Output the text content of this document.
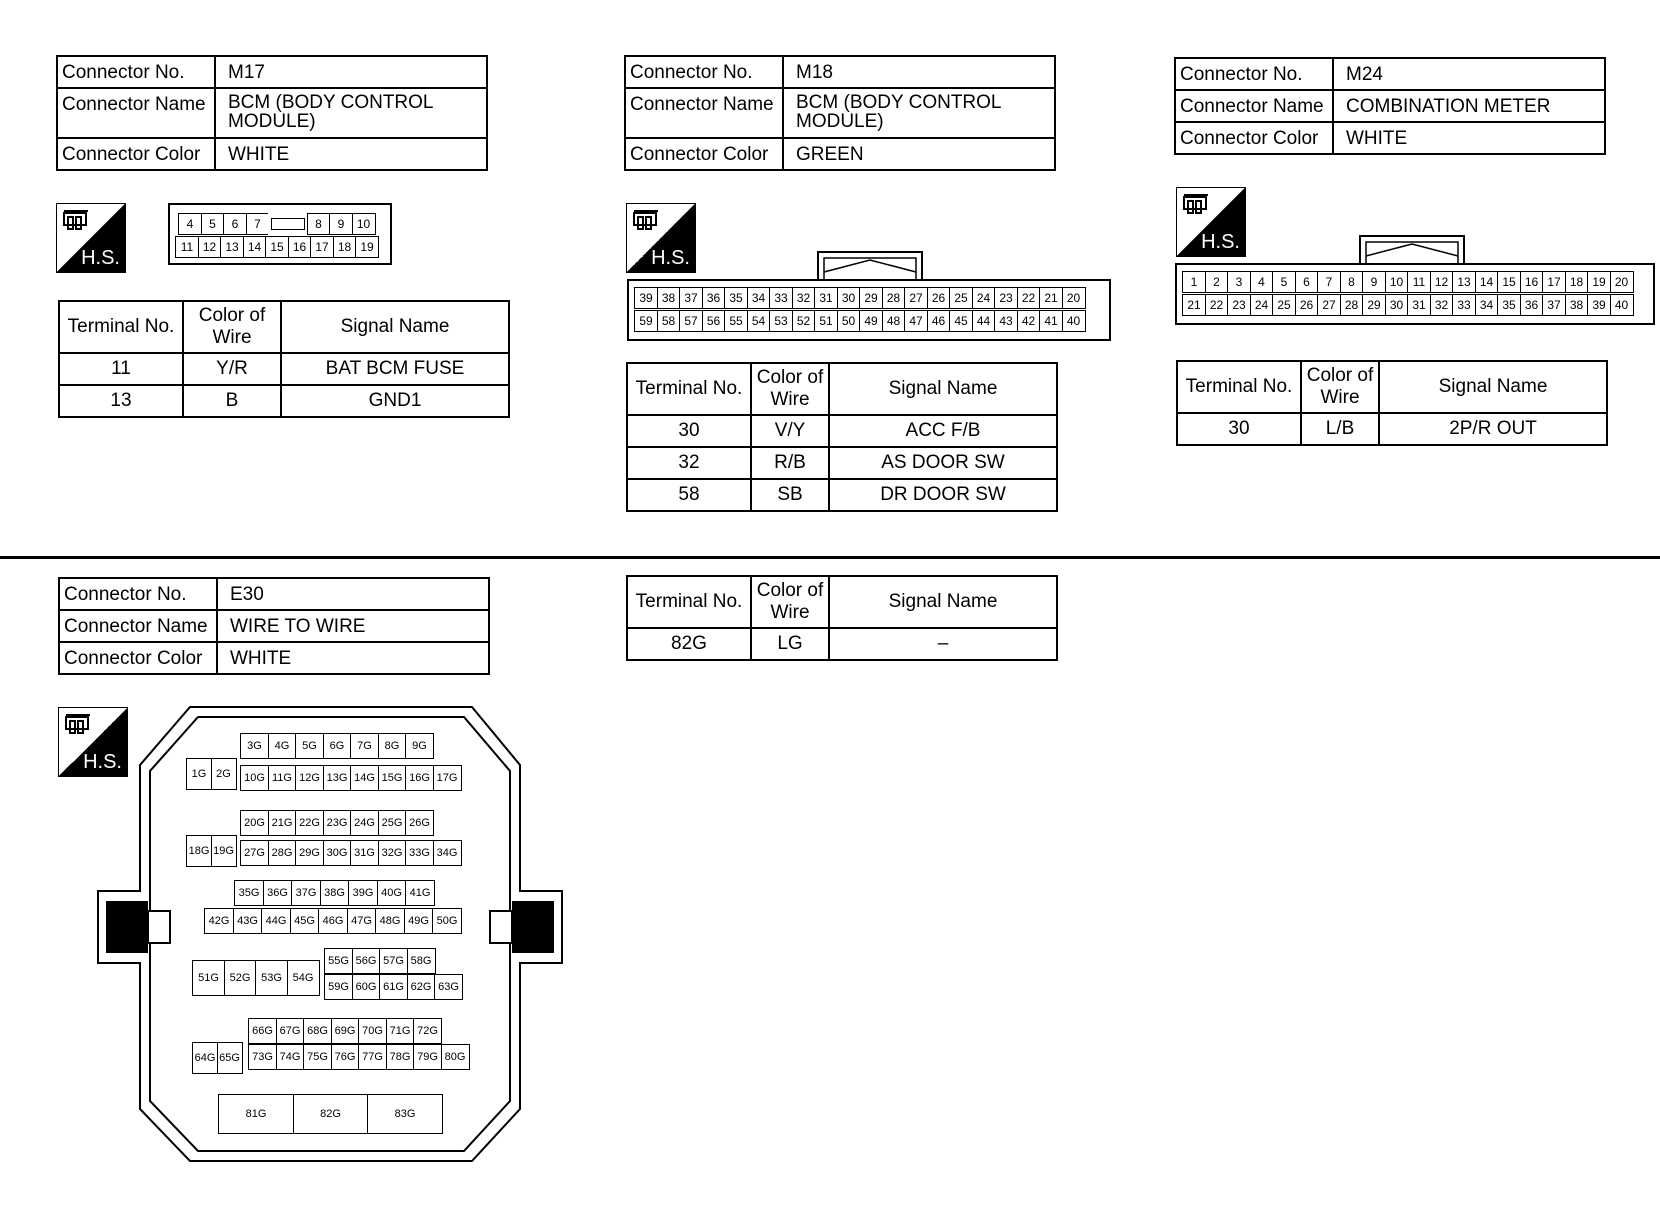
Connector No.	M17
Connector Name	BCM (BODY CONTROL MODULE)
Connector Color	WHITE
H.S.
4	5	6	7	8	9	10
11 12 13 14 15 16 17 18 19
Terminal No.	Color of Wire	Signal Name
11	Y/R	BAT BCM FUSE
13	B	GND1
Connector No.	M18
Connector Name	BCM (BODY CONTROL MODULE)
Connector Color	GREEN
H.S.
39 38 37 36 35 34 33 32 31 30 29 28 27 26 25 24 23 22 21 20
59 58 57 56 55 54 53 52 51 50 49 48 47 46 45 44 43 42 41 40
Terminal No.	Color of Wire	Signal Name
30	V/Y	ACC F/B
32	R/B	AS DOOR SW
58	SB	DR DOOR SW
Connector No.	M24
Connector Name	COMBINATION METER
Connector Color	WHITE
H.S.
1	2	3	4	5	6	7	8	9	10 11 12 13 14 15 16 17 18 19 20
21 22 23 24 25 26 27 28 29 30 31 32 33 34 35 36 37 38 39 40
Terminal No.	Color of Wire	Signal Name
30	L/B	2P/R OUT
Connector No.	E30
Connector Name	WIRE TO WIRE
Connector Color	WHITE
Terminal No.	Color of Wire	Signal Name
82G	LG	–
H.S.
3G	4G	5G	6G	7G	8G	9G
1G 2G	10G 11G 12G 13G 14G 15G 16G 17G
20G 21G 22G 23G 24G 25G 26G
18G 19G 27G 28G 29G 30G 31G 32G 33G 34G
35G 36G 37G 38G 39G 40G 41G
42G 43G 44G 45G 46G 47G 48G 49G 50G
51G 52G 53G 54G
55G 56G 57G 58G
59G 60G 61G 62G 63G
66G 67G 68G 69G 70G 71G 72G
64G 65G	73G 74G 75G 76G 77G 78G 79G 80G
81G	82G	83G
